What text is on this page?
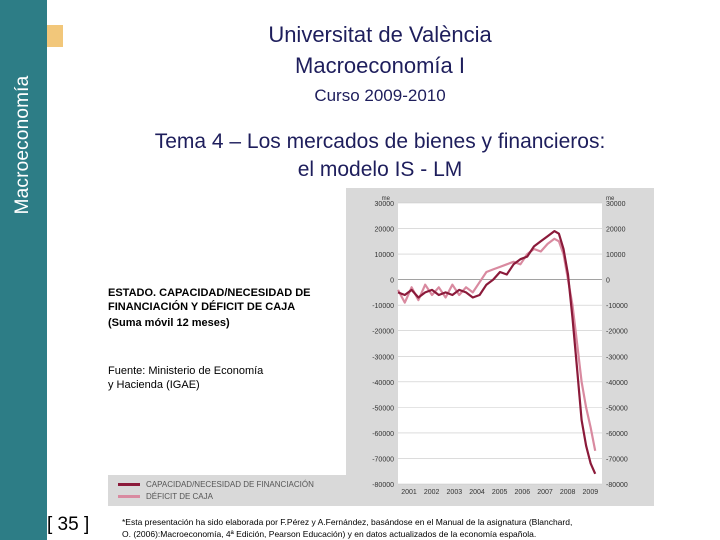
Macroeconomía
Universitat de València
Macroeconomía I
Curso 2009-2010
Tema 4 – Los mercados de bienes y financieros:
el modelo IS - LM
ESTADO. CAPACIDAD/NECESIDAD DE
FINANCIACIÓN Y DÉFICIT DE CAJA
(Suma móvil 12 meses)
Fuente: Ministerio de Economía
y Hacienda (IGAE)
CAPACIDAD/NECESIDAD DE FINANCIACIÓN
DÉFICIT DE CAJA
30000	30000
20000	20000
10000	10000
0	0
-10000	-10000
-20000	-20000
-30000	-30000
-40000	-40000
-50000	-50000
-60000	-60000
-70000	-70000
-80000	-80000
me	me
2001 2002 2003 2004 2005 2006 2007 2008 2009
[ 35 ]	*Esta presentación ha sido elaborada por F.Pérez y A.Fernández, basándose en el Manual de la asignatura (Blanchard,
O. (2006):Macroeconomía, 4ª Edición, Pearson Educación) y en datos actualizados de la economía española.
